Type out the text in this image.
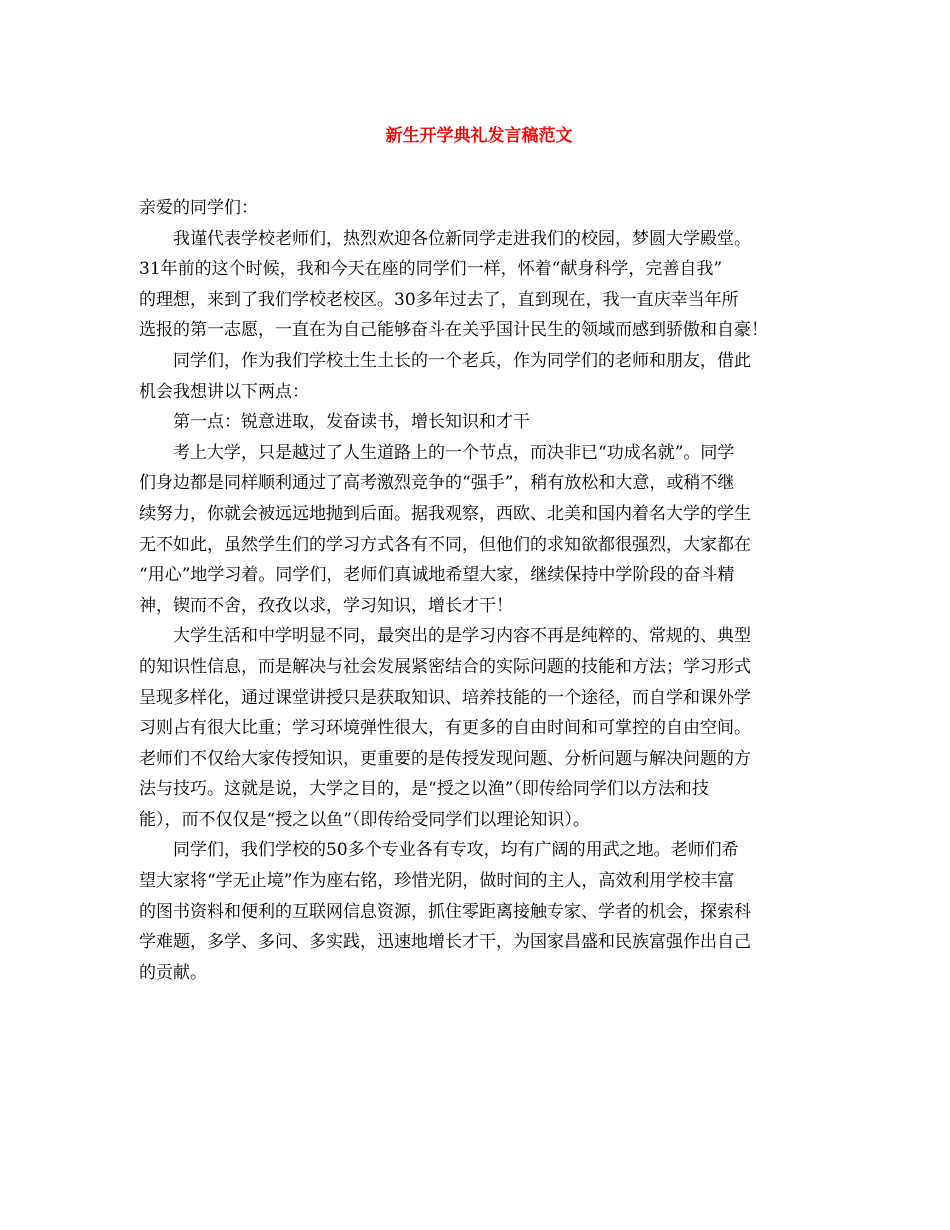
新生开学典礼发言稿范文
亲爱的同学们：
我谨代表学校老师们，热烈欢迎各位新同学走进我们的校园，梦圆大学殿堂。
31年前的这个时候，我和今天在座的同学们一样，怀着“献身科学，完善自我”
的理想，来到了我们学校老校区。30多年过去了，直到现在，我一直庆幸当年所
选报的第一志愿，一直在为自己能够奋斗在关乎国计民生的领域而感到骄傲和自豪！
同学们，作为我们学校土生土长的一个老兵，作为同学们的老师和朋友，借此
机会我想讲以下两点：
第一点：锐意进取，发奋读书，增长知识和才干
考上大学，只是越过了人生道路上的一个节点，而决非已“功成名就”。同学
们身边都是同样顺利通过了高考激烈竞争的“强手”，稍有放松和大意，或稍不继
续努力，你就会被远远地抛到后面。据我观察，西欧、北美和国内着名大学的学生
无不如此，虽然学生们的学习方式各有不同，但他们的求知欲都很强烈，大家都在
“用心”地学习着。同学们，老师们真诚地希望大家，继续保持中学阶段的奋斗精
神，锲而不舍，孜孜以求，学习知识，增长才干！
大学生活和中学明显不同，最突出的是学习内容不再是纯粹的、常规的、典型
的知识性信息，而是解决与社会发展紧密结合的实际问题的技能和方法；学习形式
呈现多样化，通过课堂讲授只是获取知识、培养技能的一个途径，而自学和课外学
习则占有很大比重；学习环境弹性很大，有更多的自由时间和可掌控的自由空间。
老师们不仅给大家传授知识，更重要的是传授发现问题、分析问题与解决问题的方
法与技巧。这就是说，大学之目的，是“授之以渔”（即传给同学们以方法和技
能），而不仅仅是“授之以鱼”（即传给受同学们以理论知识）。
同学们，我们学校的50多个专业各有专攻，均有广阔的用武之地。老师们希
望大家将“学无止境”作为座右铭，珍惜光阴，做时间的主人，高效利用学校丰富
的图书资料和便利的互联网信息资源，抓住零距离接触专家、学者的机会，探索科
学难题，多学、多问、多实践，迅速地增长才干，为国家昌盛和民族富强作出自己
的贡献。
